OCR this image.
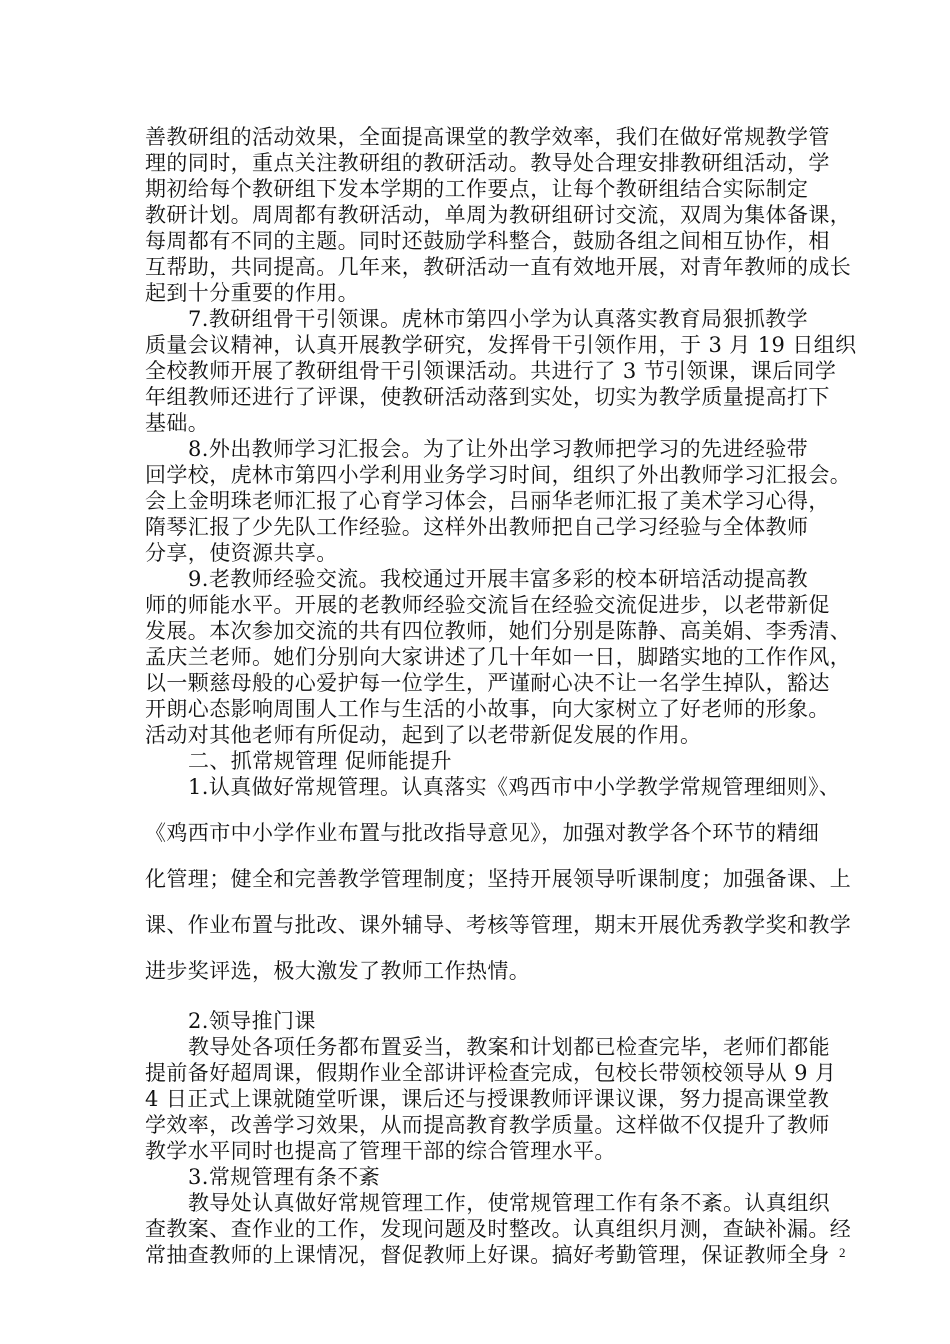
善教研组的活动效果，全面提高课堂的教学效率，我们在做好常规教学管
理的同时，重点关注教研组的教研活动。教导处合理安排教研组活动，学
期初给每个教研组下发本学期的工作要点，让每个教研组结合实际制定
教研计划。周周都有教研活动，单周为教研组研讨交流，双周为集体备课，
每周都有不同的主题。同时还鼓励学科整合，鼓励各组之间相互协作，相
互帮助，共同提高。几年来，教研活动一直有效地开展，对青年教师的成长
起到十分重要的作用。
7.教研组骨干引领课。虎林市第四小学为认真落实教育局狠抓教学
质量会议精神，认真开展教学研究，发挥骨干引领作用，于 3 月 19 日组织
全校教师开展了教研组骨干引领课活动。共进行了 3 节引领课，课后同学
年组教师还进行了评课，使教研活动落到实处，切实为教学质量提高打下
基础。
8.外出教师学习汇报会。为了让外出学习教师把学习的先进经验带
回学校，虎林市第四小学利用业务学习时间，组织了外出教师学习汇报会。
会上金明珠老师汇报了心育学习体会，吕丽华老师汇报了美术学习心得，
隋琴汇报了少先队工作经验。这样外出教师把自己学习经验与全体教师
分享，使资源共享。
9.老教师经验交流。我校通过开展丰富多彩的校本研培活动提高教
师的师能水平。开展的老教师经验交流旨在经验交流促进步，以老带新促
发展。本次参加交流的共有四位教师，她们分别是陈静、高美娟、李秀清、
孟庆兰老师。她们分别向大家讲述了几十年如一日，脚踏实地的工作作风，
以一颗慈母般的心爱护每一位学生，严谨耐心决不让一名学生掉队，豁达
开朗心态影响周围人工作与生活的小故事，向大家树立了好老师的形象。
活动对其他老师有所促动，起到了以老带新促发展的作用。
二、抓常规管理 促师能提升
1.认真做好常规管理。认真落实《鸡西市中小学教学常规管理细则》、
《鸡西市中小学作业布置与批改指导意见》，加强对教学各个环节的精细
化管理；健全和完善教学管理制度；坚持开展领导听课制度；加强备课、上
课、作业布置与批改、课外辅导、考核等管理，期末开展优秀教学奖和教学
进步奖评选，极大激发了教师工作热情。
2.领导推门课
教导处各项任务都布置妥当，教案和计划都已检查完毕，老师们都能
提前备好超周课，假期作业全部讲评检查完成，包校长带领校领导从 9 月
4 日正式上课就随堂听课，课后还与授课教师评课议课，努力提高课堂教
学效率，改善学习效果，从而提高教育教学质量。这样做不仅提升了教师
教学水平同时也提高了管理干部的综合管理水平。
3.常规管理有条不紊
教导处认真做好常规管理工作，使常规管理工作有条不紊。认真组织
查教案、查作业的工作，发现问题及时整改。认真组织月测，查缺补漏。经
常抽查教师的上课情况，督促教师上好课。搞好考勤管理，保证教师全身 2
